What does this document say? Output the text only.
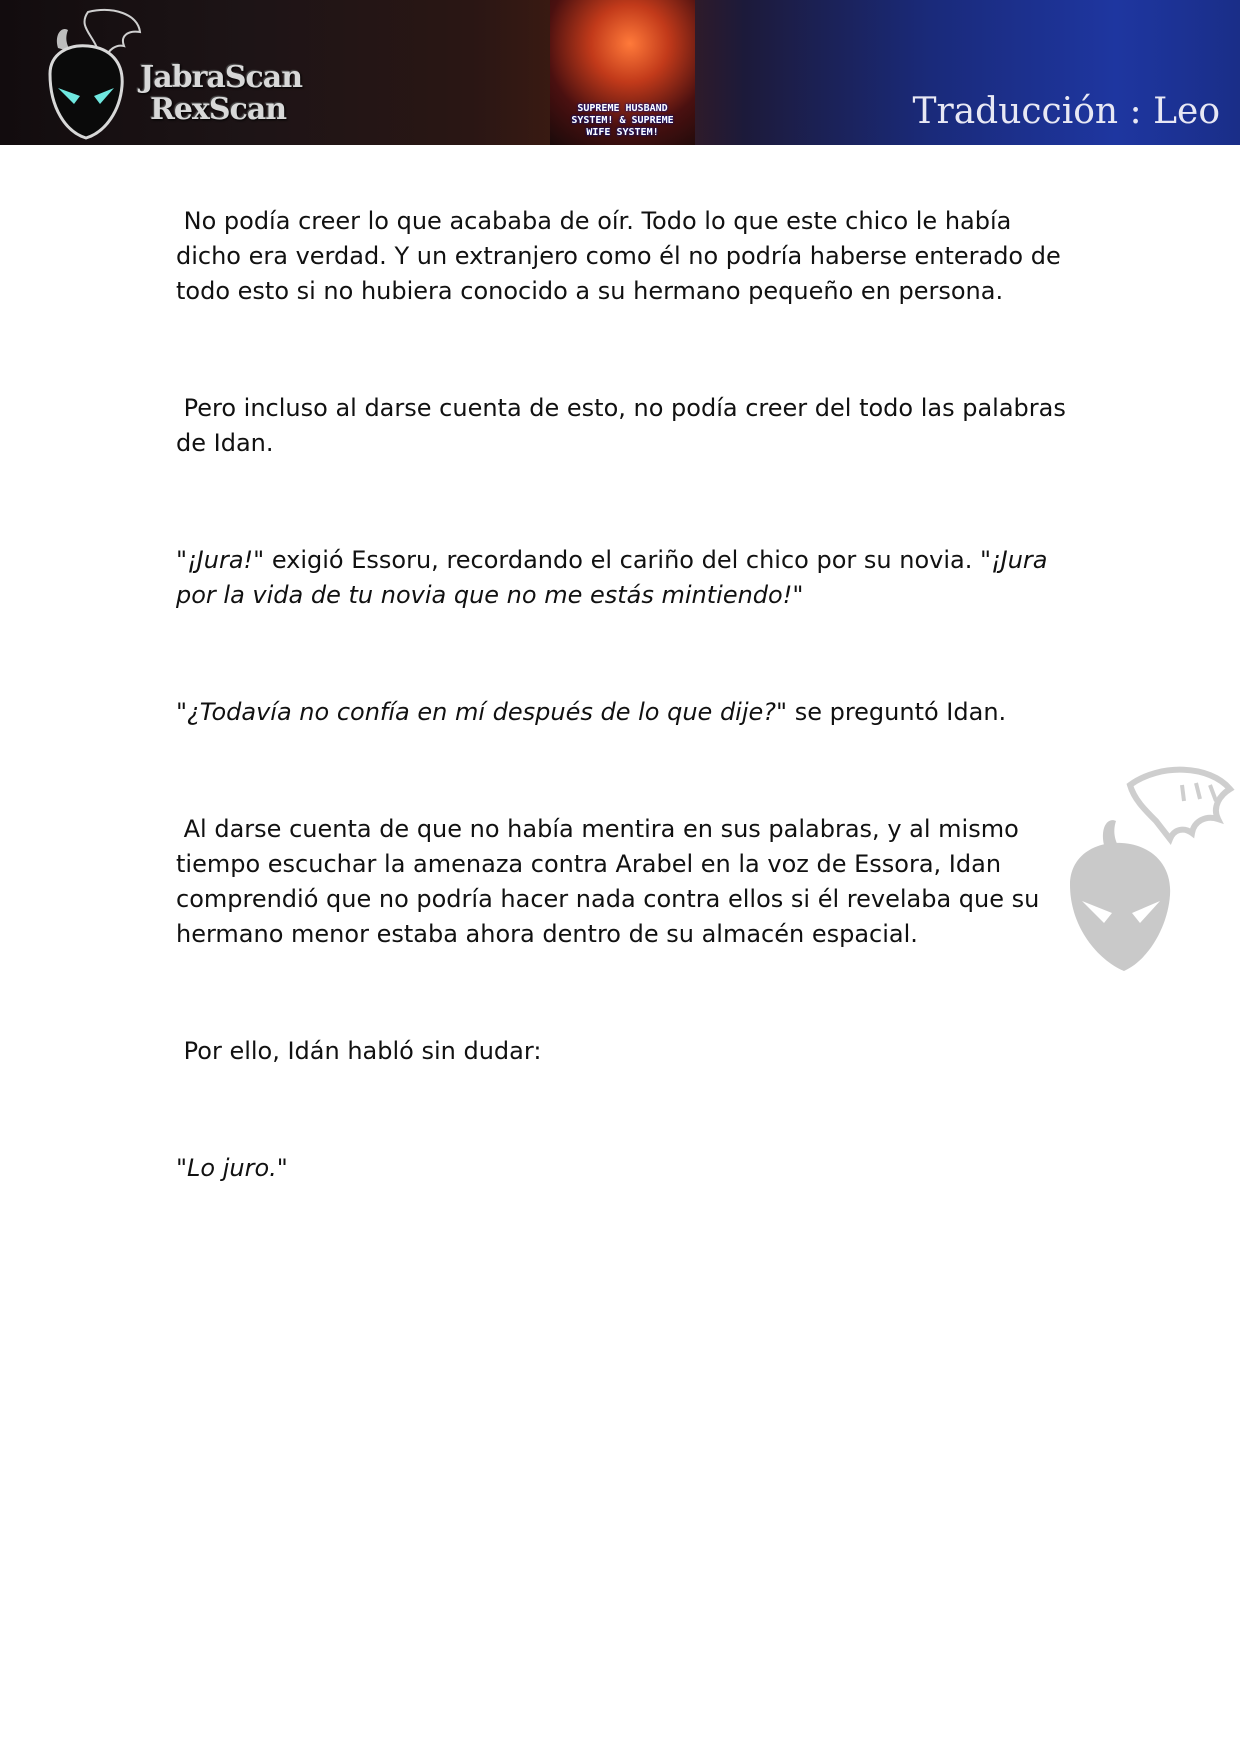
JabraScan
RexScan	SUPREME HUSBAND
SYSTEM! & SUPREME
WIFE SYSTEM!
Traducción : Leo

No podía creer lo que acababa de oír. Todo lo que este chico le había dicho era verdad. Y un extranjero como él no podría haberse enterado de todo esto si no hubiera conocido a su hermano pequeño en persona.

Pero incluso al darse cuenta de esto, no podía creer del todo las palabras de Idan.

"¡Jura!" exigió Essoru, recordando el cariño del chico por su novia. "¡Jura por la vida de tu novia que no me estás mintiendo!"

"¿Todavía no confía en mí después de lo que dije?" se preguntó Idan.

Al darse cuenta de que no había mentira en sus palabras, y al mismo tiempo escuchar la amenaza contra Arabel en la voz de Essora, Idan comprendió que no podría hacer nada contra ellos si él revelaba que su hermano menor estaba ahora dentro de su almacén espacial.

Por ello, Idán habló sin dudar:

"Lo juro."
